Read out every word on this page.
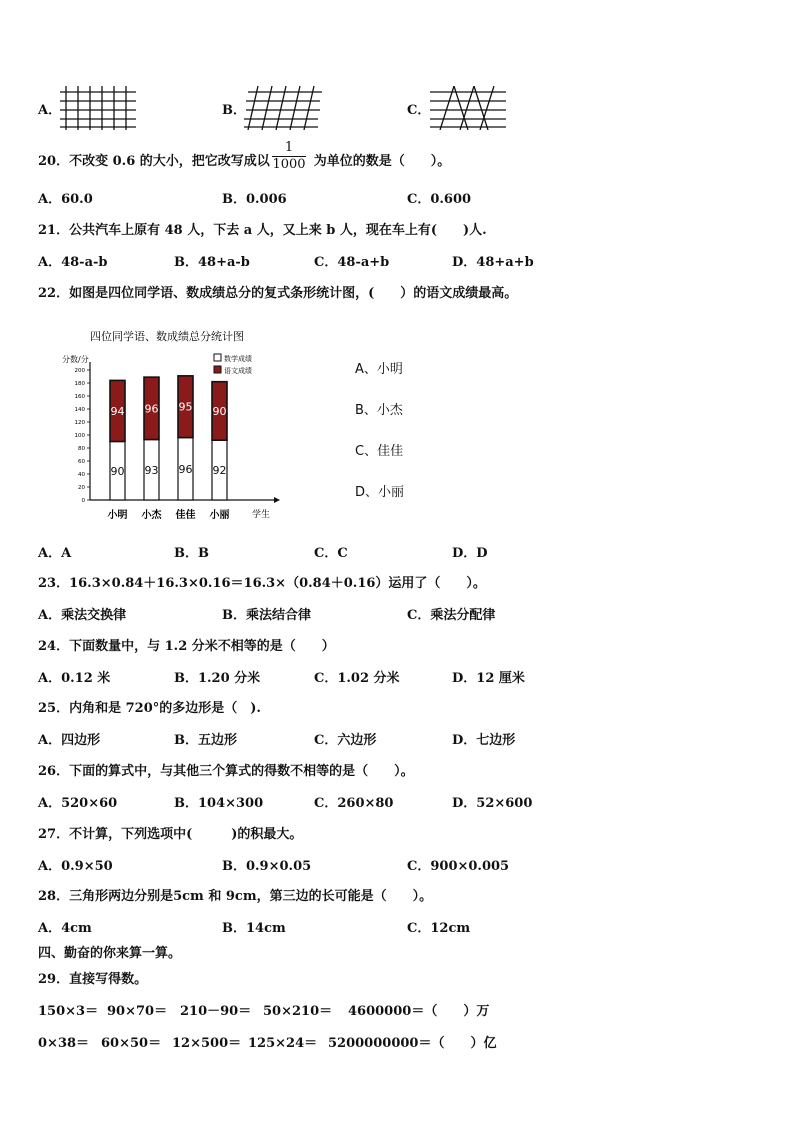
A．	B．	C．
20．不改变 0.6 的大小，把它改写成以	为单位的数是（　　）。
1
1000
A．60.0	B．0.006	C．0.600
21．公共汽车上原有 48 人，下去 a 人，又上来 b 人，现在车上有(　　)人.
A．48-a-b	B．48+a-b	C．48-a+b	D．48+a+b
22．如图是四位同学语、数成绩总分的复式条形统计图，(　　）的语文成绩最高。
四位同学语、数成绩总分统计图
分数/分
学生
数学成绩
语文成绩
0
20
40
60
80
100
120
140
160
180
200
90
94
小明
93
96
小杰
96
95
佳佳
92
90
小丽
A、小明
B、小杰
C、佳佳
D、小丽
A．A	B．B	C．C	D．D
23．16.3×0.84＋16.3×0.16＝16.3×（0.84＋0.16）运用了（　　）。
A．乘法交换律	B．乘法结合律	C．乘法分配律
24．下面数量中，与 1.2 分米不相等的是（　　）
A．0.12 米	B．1.20 分米	C．1.02 分米	D．12 厘米
25．内角和是 720°的多边形是（　).
A．四边形	B．五边形	C．六边形	D．七边形
26．下面的算式中，与其他三个算式的得数不相等的是（　　）。
A．520×60	B．104×300	C．260×80	D．52×600
27．不计算，下列选项中(　　　)的积最大。
A．0.9×50	B．0.9×0.05	C．900×0.005
28．三角形两边分别是5cm 和 9cm，第三边的长可能是（　　）。
A．4cm	B．14cm	C．12cm
四、勤奋的你来算一算。
29．直接写得数。
150×3＝ 90×70＝ 210－90＝ 50×210＝ 4600000＝（　　）万
0×38＝ 60×50＝ 12×500＝ 125×24＝ 5200000000＝（　　）亿
